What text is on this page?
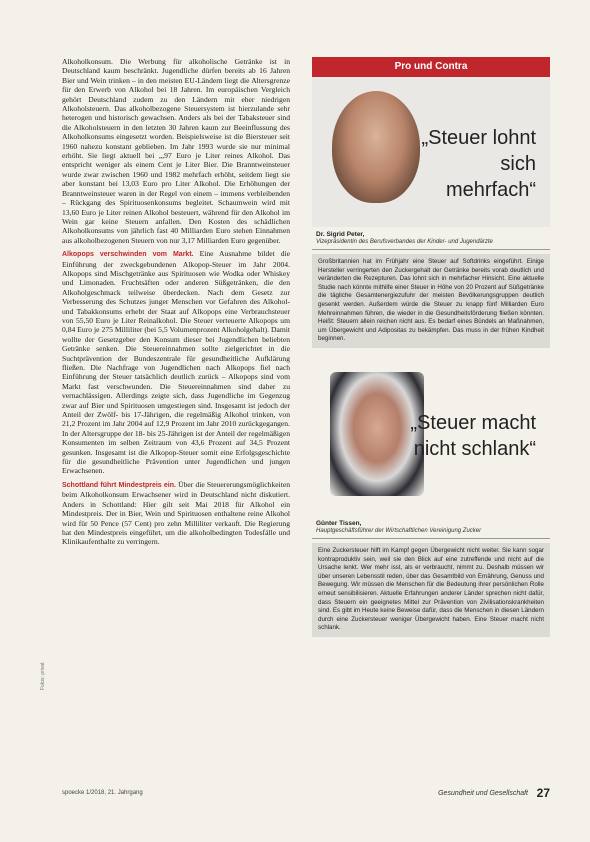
Alkoholkonsum. Die Werbung für alkoholische Getränke ist in Deutschland kaum beschränkt. Jugendliche dürfen bereits ab 16 Jahren Bier und Wein trinken – in den meisten EU-Ländern liegt die Altersgrenze für den Erwerb von Alkohol bei 18 Jahren. Im europäischen Vergleich gehört Deutschland zudem zu den Ländern mit eher niedrigen Alkoholsteuern. Das alkoholbezogene Steuersystem ist hierzulande sehr heterogen und historisch gewachsen. Anders als bei der Tabaksteuer sind die Alkoholsteuern in den letzten 30 Jahren kaum zur Beeinflussung des Alkoholkonsums eingesetzt worden. Beispielsweise ist die Biersteuer seit 1960 nahezu konstant geblieben. Im Jahr 1993 wurde sie nur minimal erhöht. Sie liegt aktuell bei „,97 Euro je Liter reines Alkohol. Das entspricht weniger als einem Cent je Liter Bier. Die Branntweinsteuer wurde zwar zwischen 1960 und 1982 mehrfach erhöht, seitdem liegt sie aber konstant bei 13,03 Euro pro Liter Alkohol. Die Erhöhungen der Branntweinsteuer waren in der Regel von einem – immens verbleibenden – Rückgang des Spirituosenkonsums begleitet. Schaumwein wird mit 13,60 Euro je Liter reinen Alkohol besteuert, während für den Alkohol im Wein gar keine Steuern anfallen. Den Kosten des schädlichen Alkoholkonsums von jährlich fast 40 Milliarden Euro stehen Einnahmen aus alkoholbezogenen Steuern von nur 3,17 Milliarden Euro gegenüber.

Alkopops verschwinden vom Markt. Eine Ausnahme bildet die Einführung der zweckgebundenen Alkopop-Steuer im Jahr 2004. Alkopops sind Mischgetränke aus Spirituosen wie Wodka oder Whiskey und Limonaden. Fruchtsäften oder anderen Süßgetränken, die den Alkoholgeschmack teilweise überdecken. Nach dem Gesetz zur Verbesserung des Schutzes junger Menschen vor Gefahren des Alkohol- und Tabakkonsums erhebt der Staat auf Alkopops eine Verbrauchsteuer von 55,50 Euro je Liter Reinalkohol. Die Steuer verteuerte Alkopops um 0,84 Euro je 275 Milliliter (bei 5,5 Volumenprozent Alkoholgehalt). Damit wollte der Gesetzgeber den Konsum dieser bei Jugendlichen beliebten Getränke senken. Die Steuereinnahmen sollte zielgerichtet in die Suchtprävention der Bundeszentrale für gesundheitliche Aufklärung fließen. Die Nachfrage von Jugendlichen nach Alkopops fiel nach Einführung der Steuer tatsächlich deutlich zurück – Alkopops sind vom Markt fast verschwunden. Die Steuereinnahmen sind daher zu vernachlässigen. Allerdings zeigte sich, dass Jugendliche im Gegenzug zwar auf Bier und Spirituosen umgestiegen sind. Insgesamt ist jedoch der Anteil der Zwölf- bis 17-Jährigen, die regelmäßig Alkohol trinken, von 21,2 Prozent im Jahr 2004 auf 12,9 Prozent im Jahr 2010 zurückgegangen. In der Altersgruppe der 18- bis 25-Jährigen ist der Anteil der regelmäßigen Konsumenten im selben Zeitraum von 43,6 Prozent auf 34,5 Prozent gesunken. Insgesamt ist die Alkopop-Steuer somit eine Erfolgsgeschichte für die gesundheitliche Prävention unter Jugendlichen und jungen Erwachsenen.

Schottland führt Mindestpreis ein. Über die Steuererungsmöglichkeiten beim Alkoholkonsum Erwachsener wird in Deutschland nicht diskutiert. Anders in Schottland: Hier gilt seit Mai 2018 für Alkohol ein Mindestpreis. Der in Bier, Wein und Spirituosen enthaltene reine Alkohol wird für 50 Pence (57 Cent) pro zehn Milliliter verkauft. Die Regierung hat den Mindestpreis eingeführt, um die alkoholbedingten Todesfälle und Klinikaufenthalte zu verringern.

Pro und Contra
„Steuer lohnt sich mehrfach“
Dr. Sigrid Peter,
Vizepräsidentin des Berufsverbandes der Kinder- und Jugendärzte
Großbritannien hat im Frühjahr eine Steuer auf Softdrinks eingeführt. Einige Hersteller verringerten den Zuckergehalt der Getränke bereits vorab deutlich und veränderten die Rezepturen. Das lohnt sich in mehrfacher Hinsicht. Eine aktuelle Studie nach könnte mithilfe einer Steuer in Höhe von 20 Prozent auf Süßgetränke die tägliche Gesamtenergiezufuhr der meisten Bevölkerungsgruppen deutlich gesenkt werden. Außerdem würde die Steuer zu knapp fünf Milliarden Euro Mehreinnahmen führen, die wieder in die Gesundheitsförderung fließen könnten. Heißt: Steuern allein reichen nicht aus. Es bedarf eines Bündels an Maßnahmen, um Übergewicht und Adipositas zu bekämpfen. Das muss in der frühen Kindheit beginnen.
„Steuer macht nicht schlank“
Günter Tissen,
Hauptgeschäftsführer der Wirtschaftlichen Vereinigung Zucker
Eine Zuckersteuer hilft im Kampf gegen Übergewicht nicht weiter. Sie kann sogar kontraproduktiv sein, weil sie den Blick auf eine zutreffende und nicht auf die Ursache lenkt. Wer mehr isst, als er verbraucht, nimmt zu. Deshalb müssen wir über unseren Lebensstil reden, über das Gesamtbild von Ernährung, Genuss und Bewegung. Wir müssen die Menschen für die Bedeutung ihrer persönlichen Rolle erneut sensibilisieren. Aktuelle Erfahrungen anderer Länder sprechen nicht dafür, dass Steuern ein geeignetes Mittel zur Prävention von Zivilisationskrankheiten sind. Es gibt im Heute keine Beweise dafür, dass die Menschen in diesen Ländern durch eine Zuckersteuer weniger Übergewicht haben. Eine Steuer macht nicht schlank.
Fotos: privat
spoecke 1/2018, 21. Jahrgang	Gesundheit und Gesellschaft 27
